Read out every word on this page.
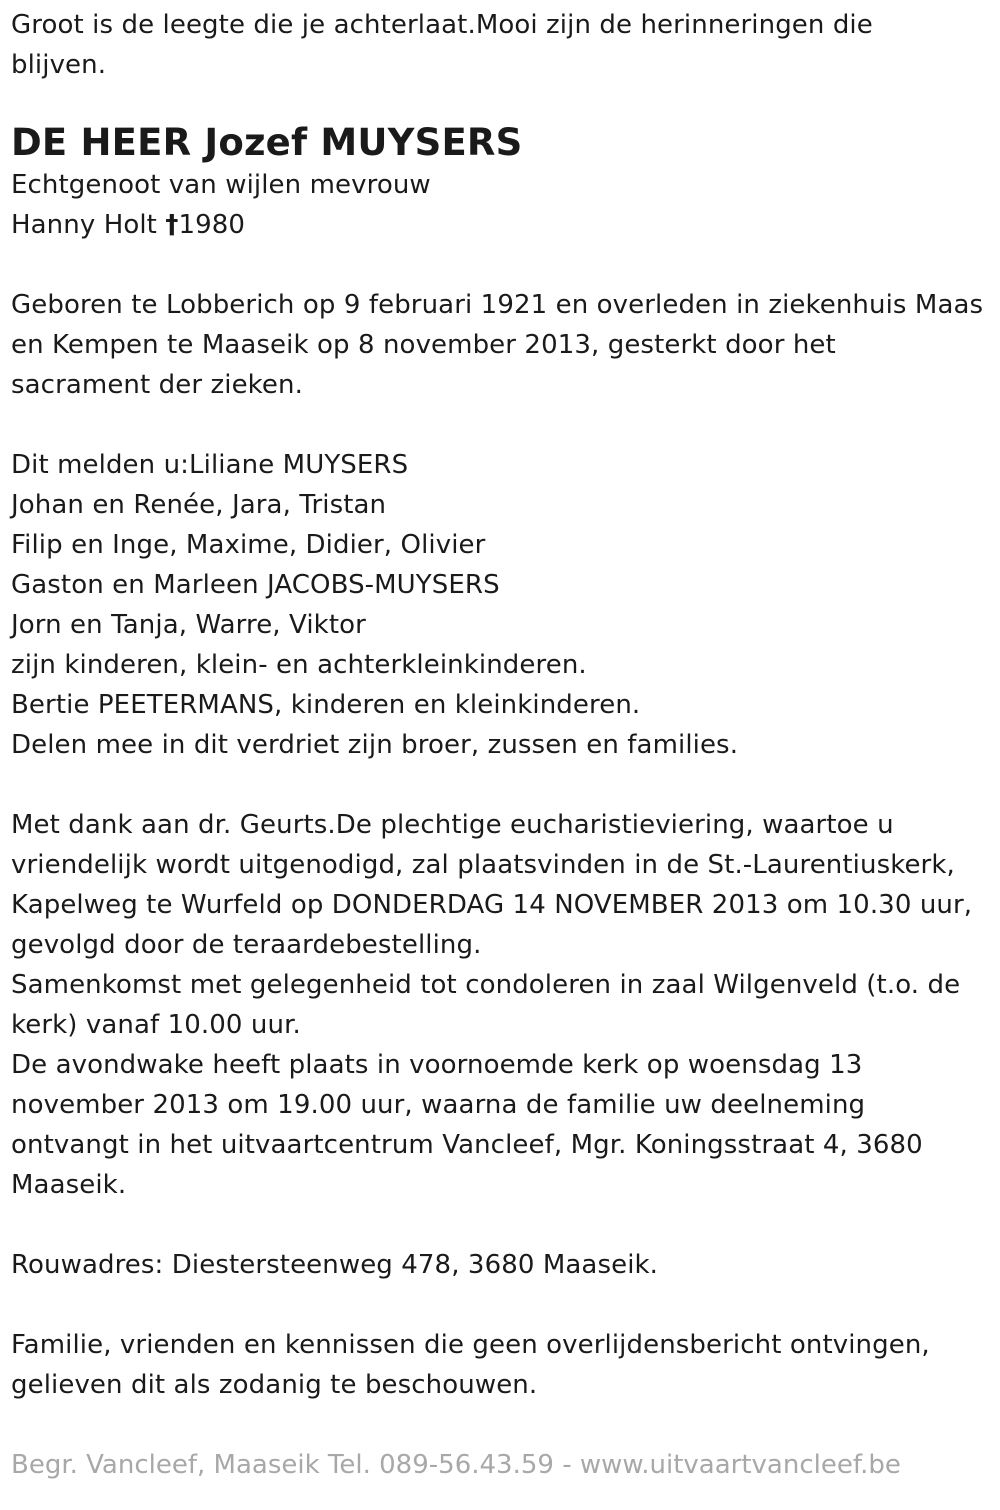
Groot is de leegte die je achterlaat.Mooi zijn de herinneringen die
blijven.
DE HEER Jozef MUYSERS
Echtgenoot van wijlen mevrouw
Hanny Holt †1980
Geboren te Lobberich op 9 februari 1921 en overleden in ziekenhuis Maas
en Kempen te Maaseik op 8 november 2013, gesterkt door het
sacrament der zieken.
Dit melden u:Liliane MUYSERS
Johan en Renée, Jara, Tristan
Filip en Inge, Maxime, Didier, Olivier
Gaston en Marleen JACOBS-MUYSERS
Jorn en Tanja, Warre, Viktor
zijn kinderen, klein- en achterkleinkinderen.
Bertie PEETERMANS, kinderen en kleinkinderen.
Delen mee in dit verdriet zijn broer, zussen en families.
Met dank aan dr. Geurts.De plechtige eucharistieviering, waartoe u
vriendelijk wordt uitgenodigd, zal plaatsvinden in de St.-Laurentiuskerk,
Kapelweg te Wurfeld op DONDERDAG 14 NOVEMBER 2013 om 10.30 uur,
gevolgd door de teraardebestelling.
Samenkomst met gelegenheid tot condoleren in zaal Wilgenveld (t.o. de
kerk) vanaf 10.00 uur.
De avondwake heeft plaats in voornoemde kerk op woensdag 13
november 2013 om 19.00 uur, waarna de familie uw deelneming
ontvangt in het uitvaartcentrum Vancleef, Mgr. Koningsstraat 4, 3680
Maaseik.
Rouwadres: Diestersteenweg 478, 3680 Maaseik.
Familie, vrienden en kennissen die geen overlijdensbericht ontvingen,
gelieven dit als zodanig te beschouwen.
Begr. Vancleef, Maaseik Tel. 089-56.43.59 - www.uitvaartvancleef.be
